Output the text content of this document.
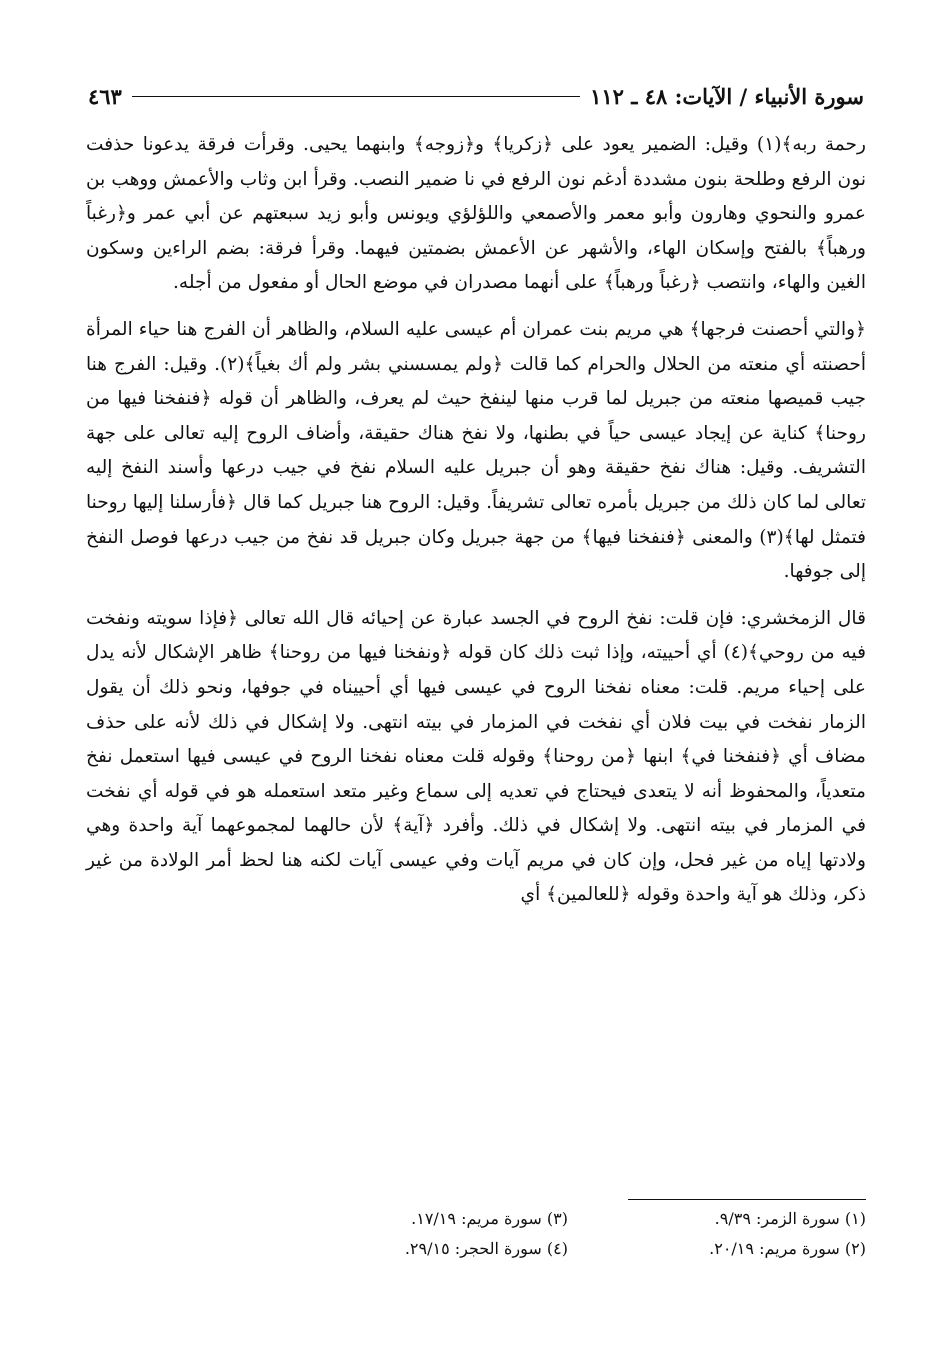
سورة الأنبياء / الآيات: ٤٨ ـ ١١٢
٤٦٣

رحمة ربه﴾(١) وقيل: الضمير يعود على ﴿زكريا﴾ و﴿زوجه﴾ وابنهما يحيى. وقرأت فرقة يدعونا حذفت نون الرفع وطلحة بنون مشددة أدغم نون الرفع في نا ضمير النصب. وقرأ ابن وثاب والأعمش ووهب بن عمرو والنحوي وهارون وأبو معمر والأصمعي واللؤلؤي ويونس وأبو زيد سبعتهم عن أبي عمر و﴿رغباً ورهباً﴾ بالفتح وإسكان الهاء، والأشهر عن الأعمش بضمتين فيهما. وقرأ فرقة: بضم الراءين وسكون الغين والهاء، وانتصب ﴿رغباً ورهباً﴾ على أنهما مصدران في موضع الحال أو مفعول من أجله.

﴿والتي أحصنت فرجها﴾ هي مريم بنت عمران أم عيسى عليه السلام، والظاهر أن الفرج هنا حياء المرأة أحصنته أي منعته من الحلال والحرام كما قالت ﴿ولم يمسسني بشر ولم أك بغياً﴾(٢). وقيل: الفرج هنا جيب قميصها منعته من جبريل لما قرب منها لينفخ حيث لم يعرف، والظاهر أن قوله ﴿فنفخنا فيها من روحنا﴾ كناية عن إيجاد عيسى حياً في بطنها، ولا نفخ هناك حقيقة، وأضاف الروح إليه تعالى على جهة التشريف. وقيل: هناك نفخ حقيقة وهو أن جبريل عليه السلام نفخ في جيب درعها وأسند النفخ إليه تعالى لما كان ذلك من جبريل بأمره تعالى تشريفاً. وقيل: الروح هنا جبريل كما قال ﴿فأرسلنا إليها روحنا فتمثل لها﴾(٣) والمعنى ﴿فنفخنا فيها﴾ من جهة جبريل وكان جبريل قد نفخ من جيب درعها فوصل النفخ إلى جوفها.

قال الزمخشري: فإن قلت: نفخ الروح في الجسد عبارة عن إحيائه قال الله تعالى ﴿فإذا سويته ونفخت فيه من روحي﴾(٤) أي أحييته، وإذا ثبت ذلك كان قوله ﴿ونفخنا فيها من روحنا﴾ ظاهر الإشكال لأنه يدل على إحياء مريم. قلت: معناه نفخنا الروح في عيسى فيها أي أحييناه في جوفها، ونحو ذلك أن يقول الزمار نفخت في بيت فلان أي نفخت في المزمار في بيته انتهى. ولا إشكال في ذلك لأنه على حذف مضاف أي ﴿فنفخنا في﴾ ابنها ﴿من روحنا﴾ وقوله قلت معناه نفخنا الروح في عيسى فيها استعمل نفخ متعدياً، والمحفوظ أنه لا يتعدى فيحتاج في تعديه إلى سماع وغير متعد استعمله هو في قوله أي نفخت في المزمار في بيته انتهى. ولا إشكال في ذلك. وأفرد ﴿آية﴾ لأن حالهما لمجموعهما آية واحدة وهي ولادتها إياه من غير فحل، وإن كان في مريم آيات وفي عيسى آيات لكنه هنا لحظ أمر الولادة من غير ذكر، وذلك هو آية واحدة وقوله ﴿للعالمين﴾ أي

(١) سورة الزمر: ٩/٣٩.
(٣) سورة مريم: ١٧/١٩.
(٢) سورة مريم: ٢٠/١٩.
(٤) سورة الحجر: ٢٩/١٥.
